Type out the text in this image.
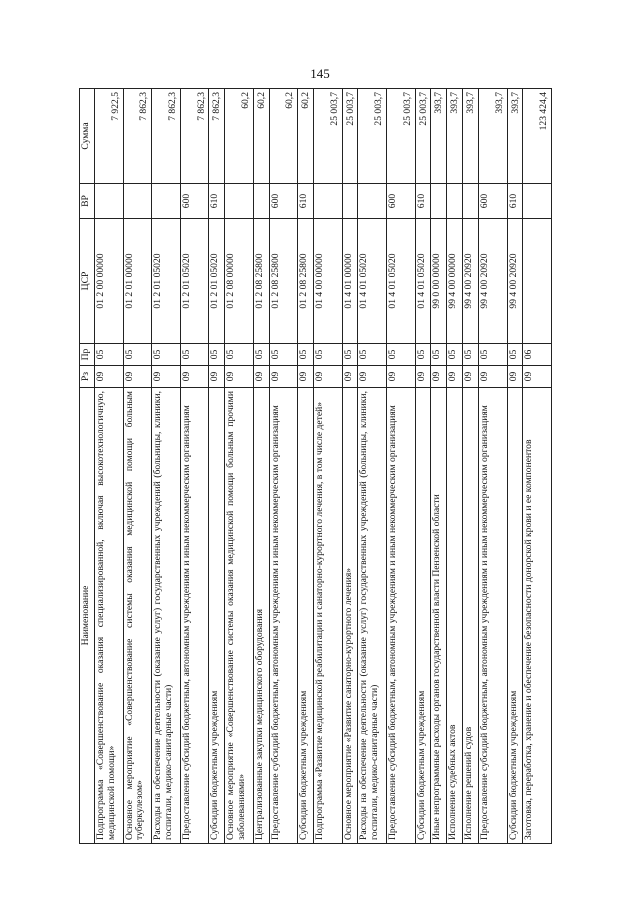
145
Наименование	Рз	Пр	ЦСР	ВР	Сумма
Подпрограмма «Совершенствование оказания специализированной, включая высокотехнологичную, медицинской помощи»	09	05	01 2 00 00000		7 922,5
Основное мероприятие «Совершенствование системы оказания медицинской помощи больным туберкулезом»	09	05	01 2 01 00000		7 862,3
Расходы на обеспечение деятельности (оказание услуг) государственных учреждений (больницы, клиники, госпитали, медико-санитарные части)	09	05	01 2 01 05020		7 862,3
Предоставление субсидий бюджетным, автономным учреждениям и иным некоммерческим организациям	09	05	01 2 01 05020	600	7 862,3
Субсидии бюджетным учреждениям	09	05	01 2 01 05020	610	7 862,3
Основное мероприятие «Совершенствование системы оказания медицинской помощи больным прочими заболеваниями»	09	05	01 2 08 00000		60,2
Централизованные закупки медицинского оборудования	09	05	01 2 08 25800		60,2
Предоставление субсидий бюджетным, автономным учреждениям и иным некоммерческим организациям	09	05	01 2 08 25800	600	60,2
Субсидии бюджетным учреждениям	09	05	01 2 08 25800	610	60,2
Подпрограмма «Развитие медицинской реабилитации и санаторно-курортного лечения, в том числе детей»	09	05	01 4 00 00000		25 003,7
Основное мероприятие «Развитие санаторно-курортного лечения»	09	05	01 4 01 00000		25 003,7
Расходы на обеспечение деятельности (оказание услуг) государственных учреждений (больницы, клиники, госпитали, медико-санитарные части)	09	05	01 4 01 05020		25 003,7
Предоставление субсидий бюджетным, автономным учреждениям и иным некоммерческим организациям	09	05	01 4 01 05020	600	25 003,7
Субсидии бюджетным учреждениям	09	05	01 4 01 05020	610	25 003,7
Иные непрограммные расходы органов государственной власти Пензенской области	09	05	99 0 00 00000		393,7
Исполнение судебных актов	09	05	99 4 00 00000		393,7
Исполнение решений судов	09	05	99 4 00 20920		393,7
Предоставление субсидий бюджетным, автономным учреждениям и иным некоммерческим организациям	09	05	99 4 00 20920	600	393,7
Субсидии бюджетным учреждениям	09	05	99 4 00 20920	610	393,7
Заготовка, переработка, хранение и обеспечение безопасности донорской крови и ее компонентов	09	06			123 424,4
